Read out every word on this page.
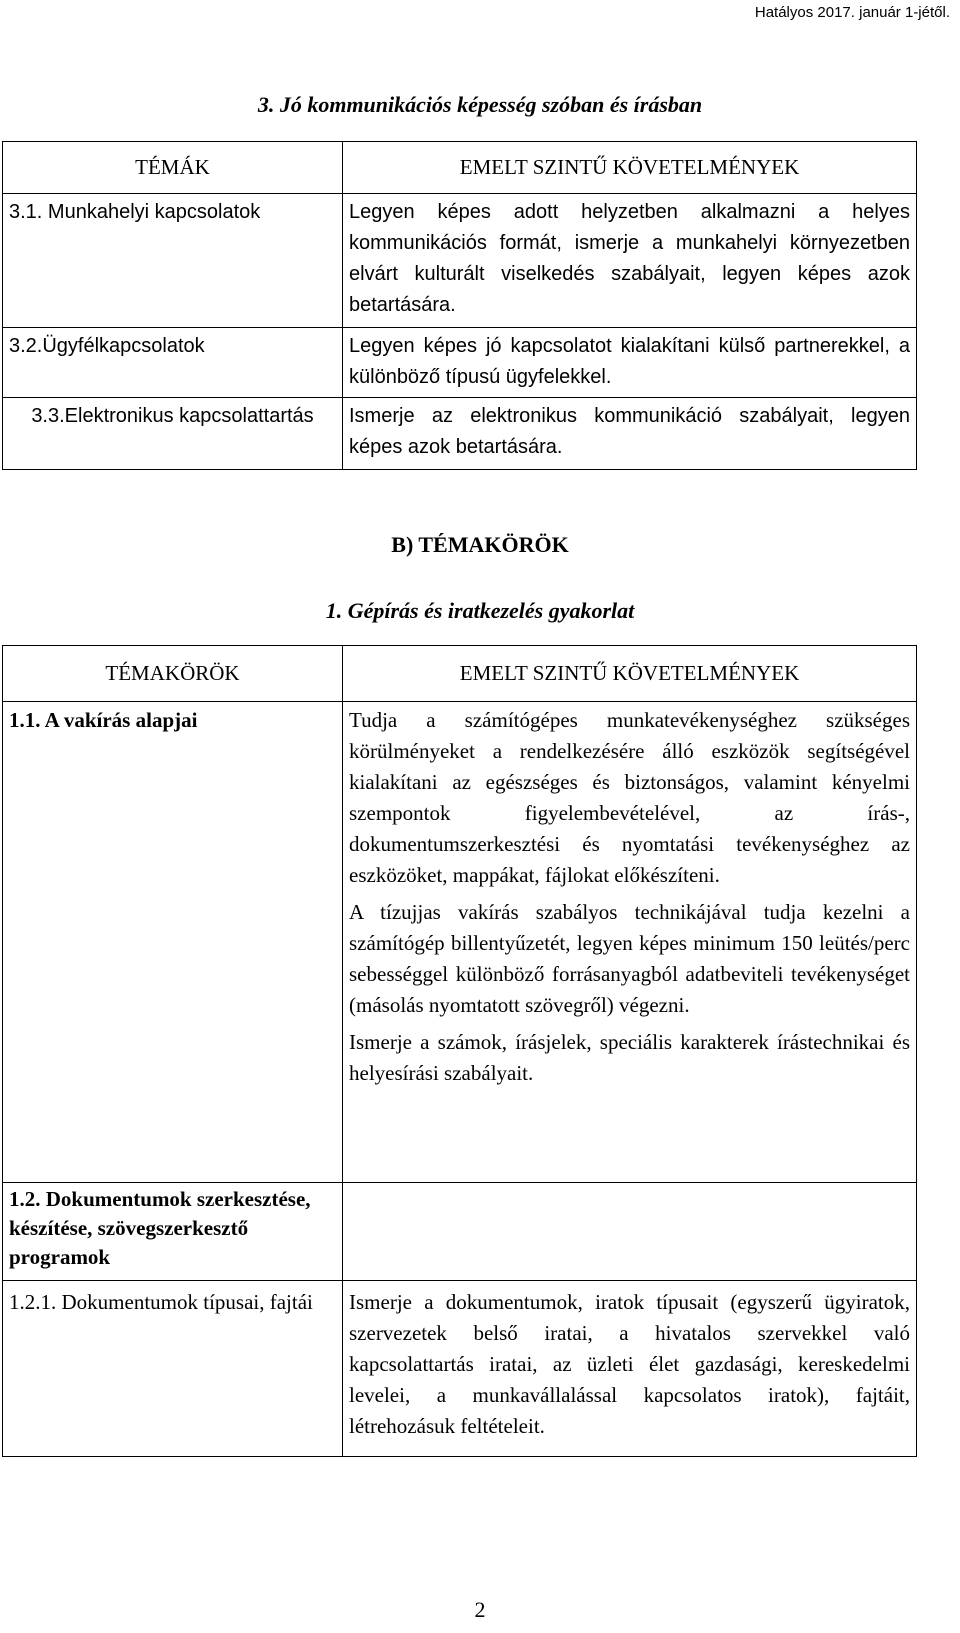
Hatályos 2017. január 1-jétől.
3. Jó kommunikációs képesség szóban és írásban
TÉMÁK	EMELT SZINTŰ KÖVETELMÉNYEK
3.1. Munkahelyi kapcsolatok	Legyen képes adott helyzetben alkalmazni a helyes kommunikációs formát, ismerje a munkahelyi környezetben elvárt kulturált viselkedés szabályait, legyen képes azok betartására.
3.2.Ügyfélkapcsolatok	Legyen képes jó kapcsolatot kialakítani külső partnerekkel, a különböző típusú ügyfelekkel.
3.3.Elektronikus kapcsolattartás	Ismerje az elektronikus kommunikáció szabályait, legyen képes azok betartására.
B) TÉMAKÖRÖK
1. Gépírás és iratkezelés gyakorlat
TÉMAKÖRÖK	EMELT SZINTŰ KÖVETELMÉNYEK
1.1. A vakírás alapjai	Tudja a számítógépes munkatevékenységhez szükséges körülményeket a rendelkezésére álló eszközök segítségével kialakítani az egészséges és biztonságos, valamint kényelmi szempontok figyelembevételével, az írás-, dokumentumszerkesztési és nyomtatási tevékenységhez az eszközöket, mappákat, fájlokat előkészíteni.

A tízujjas vakírás szabályos technikájával tudja kezelni a számítógép billentyűzetét, legyen képes minimum 150 leütés/perc sebességgel különböző forrásanyagból adatbeviteli tevékenységet (másolás nyomtatott szövegről) végezni.

Ismerje a számok, írásjelek, speciális karakterek írástechnikai és helyesírási szabályait.

1.2. Dokumentumok szerkesztése, készítése, szövegszerkesztő programok	
1.2.1. Dokumentumok típusai, fajtái	Ismerje a dokumentumok, iratok típusait (egyszerű ügyiratok, szervezetek belső iratai, a hivatalos szervekkel való kapcsolattartás iratai, az üzleti élet gazdasági, kereskedelmi levelei, a munkavállalással kapcsolatos iratok), fajtáit, létrehozásuk feltételeit.
2
